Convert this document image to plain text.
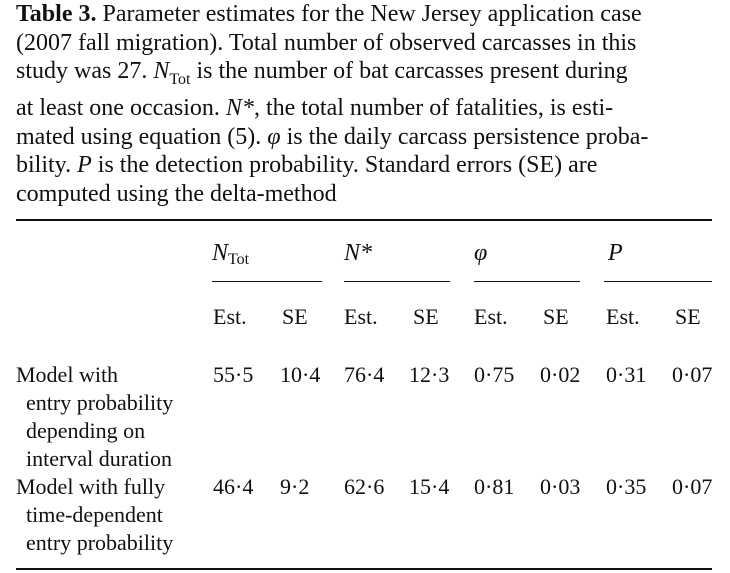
Table 3. Parameter estimates for the New Jersey application case
(2007 fall migration). Total number of observed carcasses in this
study was 27. $N_{Tot}$ is the number of bat carcasses present during
at least one occasion. N*, the total number of fatalities, is esti-
mated using equation (5). φ is the daily carcass persistence proba-
bility. P is the detection probability. Standard errors (SE) are
computed using the delta-method
$N_{Tot}$	N*	φ	P
Est. SE Est. SE Est. SE Est. SE
Model with
entry probability
depending on
interval duration
55·5 10·4 76·4 12·3 0·75 0·02 0·31 0·07
Model with fully
time-dependent
entry probability
46·4 9·2 62·6 15·4 0·81 0·03 0·35 0·07
